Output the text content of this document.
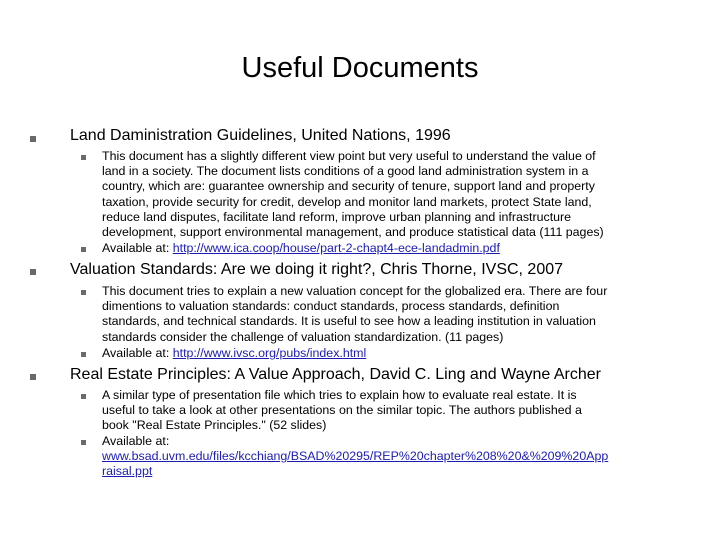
Useful Documents
Land Daministration Guidelines, United Nations, 1996
This document has a slightly different view point but very useful to understand the value of
land in a society. The document lists conditions of a good land administration system in a
country, which are: guarantee ownership and security of tenure, support land and property
taxation, provide security for credit, develop and monitor land markets, protect State land,
reduce land disputes, facilitate land reform, improve urban planning and infrastructure
development, support environmental management, and produce statistical data (111 pages)
Available at: http://www.ica.coop/house/part-2-chapt4-ece-landadmin.pdf
Valuation Standards: Are we doing it right?, Chris Thorne, IVSC, 2007
This document tries to explain a new valuation concept for the globalized era. There are four
dimentions to valuation standards: conduct standards, process standards, definition
standards, and technical standards. It is useful to see how a leading institution in valuation
standards consider the challenge of valuation standardization. (11 pages)
Available at: http://www.ivsc.org/pubs/index.html
Real Estate Principles: A Value Approach, David C. Ling and Wayne Archer
A similar type of presentation file which tries to explain how to evaluate real estate. It is
useful to take a look at other presentations on the similar topic. The authors published a
book "Real Estate Principles." (52 slides)
Available at:
www.bsad.uvm.edu/files/kcchiang/BSAD%20295/REP%20chapter%208%20&%209%20App
raisal.ppt
